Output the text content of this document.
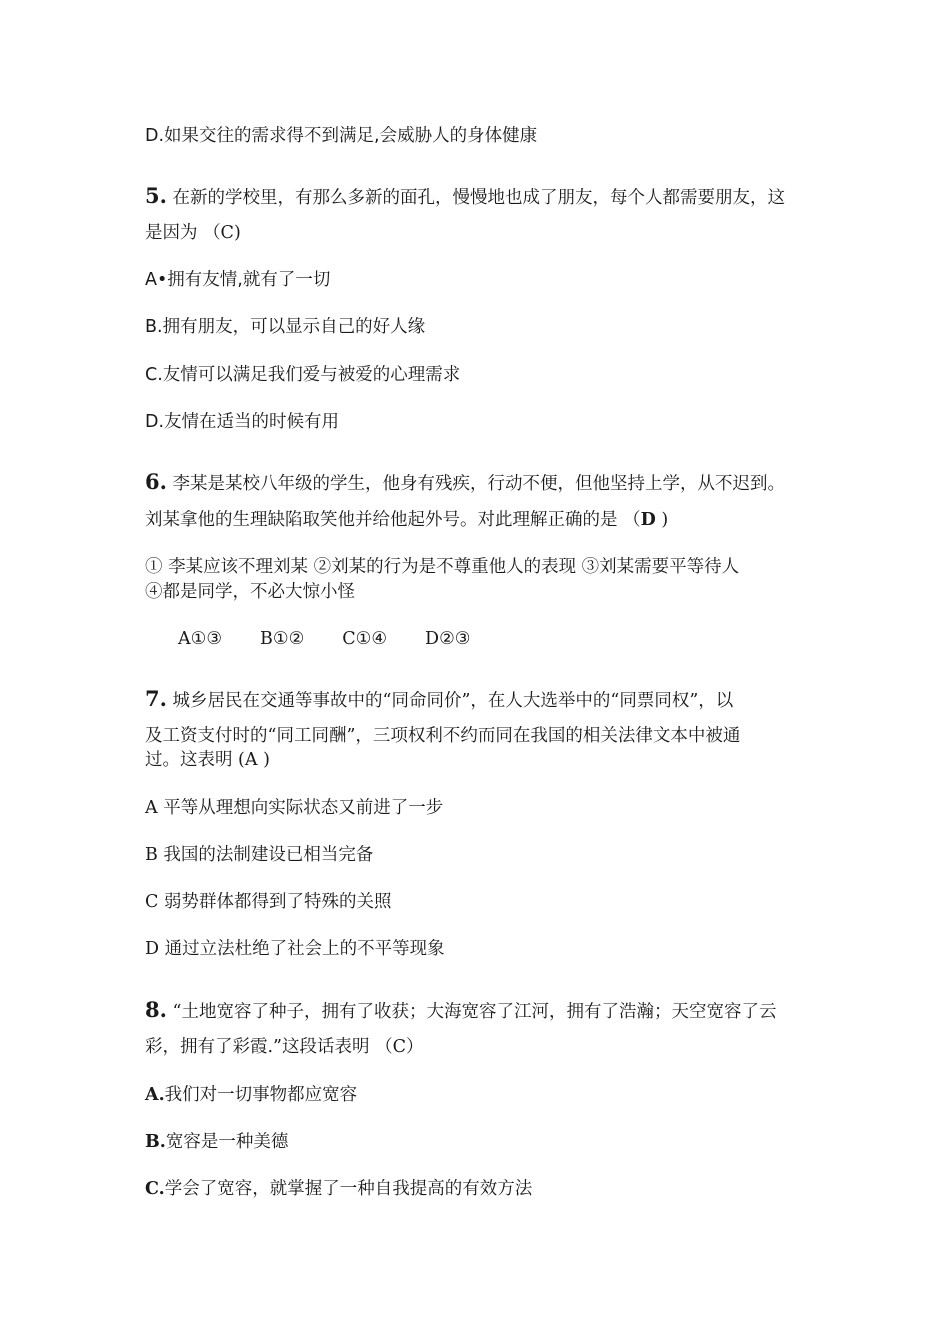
D.如果交往的需求得不到满足,会威胁人的身体健康
5. 在新的学校里，有那么多新的面孔，慢慢地也成了朋友，每个人都需要朋友，这
是因为 （C)
A•拥有友情,就有了一切
B.拥有朋友，可以显示自己的好人缘
C.友情可以满足我们爱与被爱的心理需求
D.友情在适当的时候有用
6. 李某是某校八年级的学生，他身有残疾，行动不便，但他坚持上学，从不迟到。
刘某拿他的生理缺陷取笑他并给他起外号。对此理解正确的是 （D )
① 李某应该不理刘某 ②刘某的行为是不尊重他人的表现 ③刘某需要平等待人
④都是同学，不必大惊小怪
A①③ B①② C①④ D②③
7. 城乡居民在交通等事故中的“同命同价”，在人大选举中的“同票同权”，以
及工资支付时的“同工同酬”，三项权利不约而同在我国的相关法律文本中被通
过。这表明 (A )
A 平等从理想向实际状态又前进了一步
B 我国的法制建设已相当完备
C 弱势群体都得到了特殊的关照
D 通过立法杜绝了社会上的不平等现象
8. “土地宽容了种子，拥有了收获；大海宽容了江河，拥有了浩瀚；天空宽容了云
彩，拥有了彩霞.”这段话表明 （C）
A.我们对一切事物都应宽容
B.宽容是一种美德
C.学会了宽容，就掌握了一种自我提高的有效方法
